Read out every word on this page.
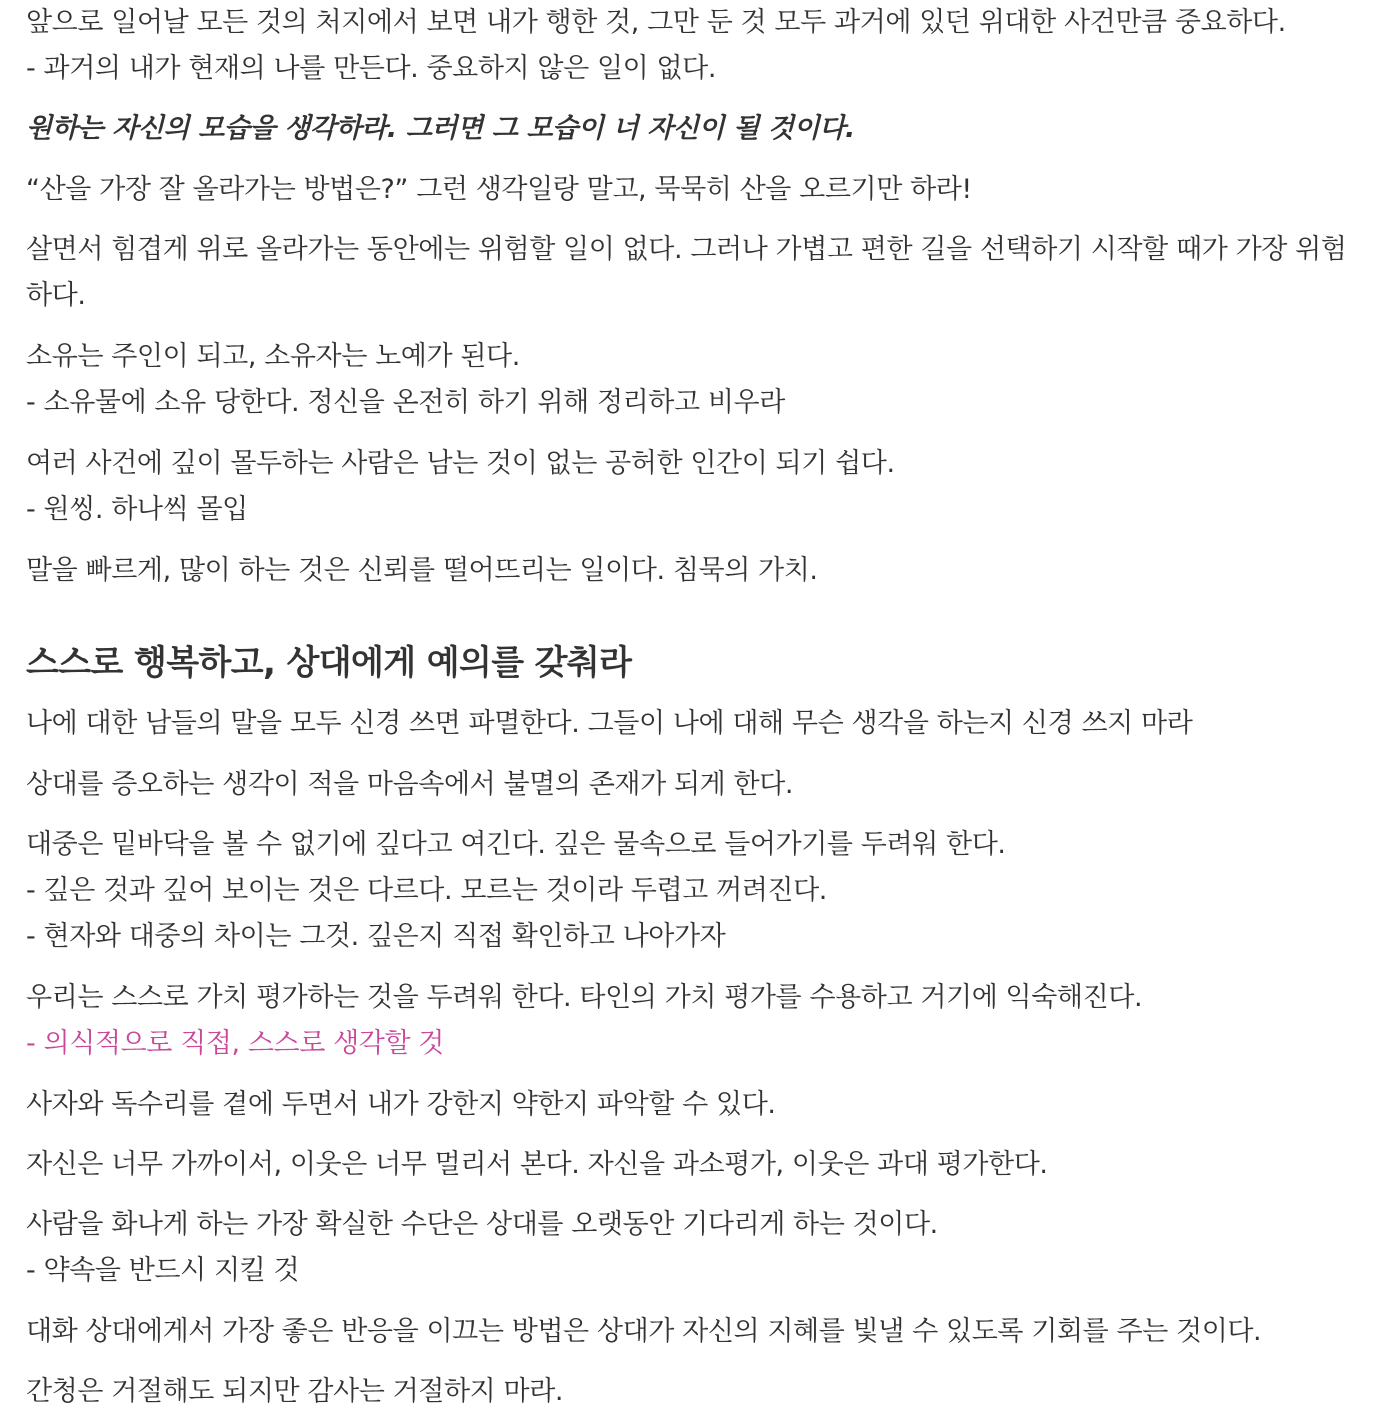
앞으로 일어날 모든 것의 처지에서 보면 내가 행한 것, 그만 둔 것 모두 과거에 있던 위대한 사건만큼 중요하다.
- 과거의 내가 현재의 나를 만든다. 중요하지 않은 일이 없다.

원하는 자신의 모습을 생각하라. 그러면 그 모습이 너 자신이 될 것이다.

“산을 가장 잘 올라가는 방법은?” 그런 생각일랑 말고, 묵묵히 산을 오르기만 하라!

살면서 힘겹게 위로 올라가는 동안에는 위험할 일이 없다. 그러나 가볍고 편한 길을 선택하기 시작할 때가 가장 위험하다.

소유는 주인이 되고, 소유자는 노예가 된다.
- 소유물에 소유 당한다. 정신을 온전히 하기 위해 정리하고 비우라

여러 사건에 깊이 몰두하는 사람은 남는 것이 없는 공허한 인간이 되기 쉽다.
- 원씽. 하나씩 몰입

말을 빠르게, 많이 하는 것은 신뢰를 떨어뜨리는 일이다. 침묵의 가치.

스스로 행복하고, 상대에게 예의를 갖춰라

나에 대한 남들의 말을 모두 신경 쓰면 파멸한다. 그들이 나에 대해 무슨 생각을 하는지 신경 쓰지 마라

상대를 증오하는 생각이 적을 마음속에서 불멸의 존재가 되게 한다.

대중은 밑바닥을 볼 수 없기에 깊다고 여긴다. 깊은 물속으로 들어가기를 두려워 한다.
- 깊은 것과 깊어 보이는 것은 다르다. 모르는 것이라 두렵고 꺼려진다.
- 현자와 대중의 차이는 그것. 깊은지 직접 확인하고 나아가자

우리는 스스로 가치 평가하는 것을 두려워 한다. 타인의 가치 평가를 수용하고 거기에 익숙해진다.
- 의식적으로 직접, 스스로 생각할 것

사자와 독수리를 곁에 두면서 내가 강한지 약한지 파악할 수 있다.

자신은 너무 가까이서, 이웃은 너무 멀리서 본다. 자신을 과소평가, 이웃은 과대 평가한다.

사람을 화나게 하는 가장 확실한 수단은 상대를 오랫동안 기다리게 하는 것이다.
- 약속을 반드시 지킬 것

대화 상대에게서 가장 좋은 반응을 이끄는 방법은 상대가 자신의 지혜를 빛낼 수 있도록 기회를 주는 것이다.

간청은 거절해도 되지만 감사는 거절하지 마라.
